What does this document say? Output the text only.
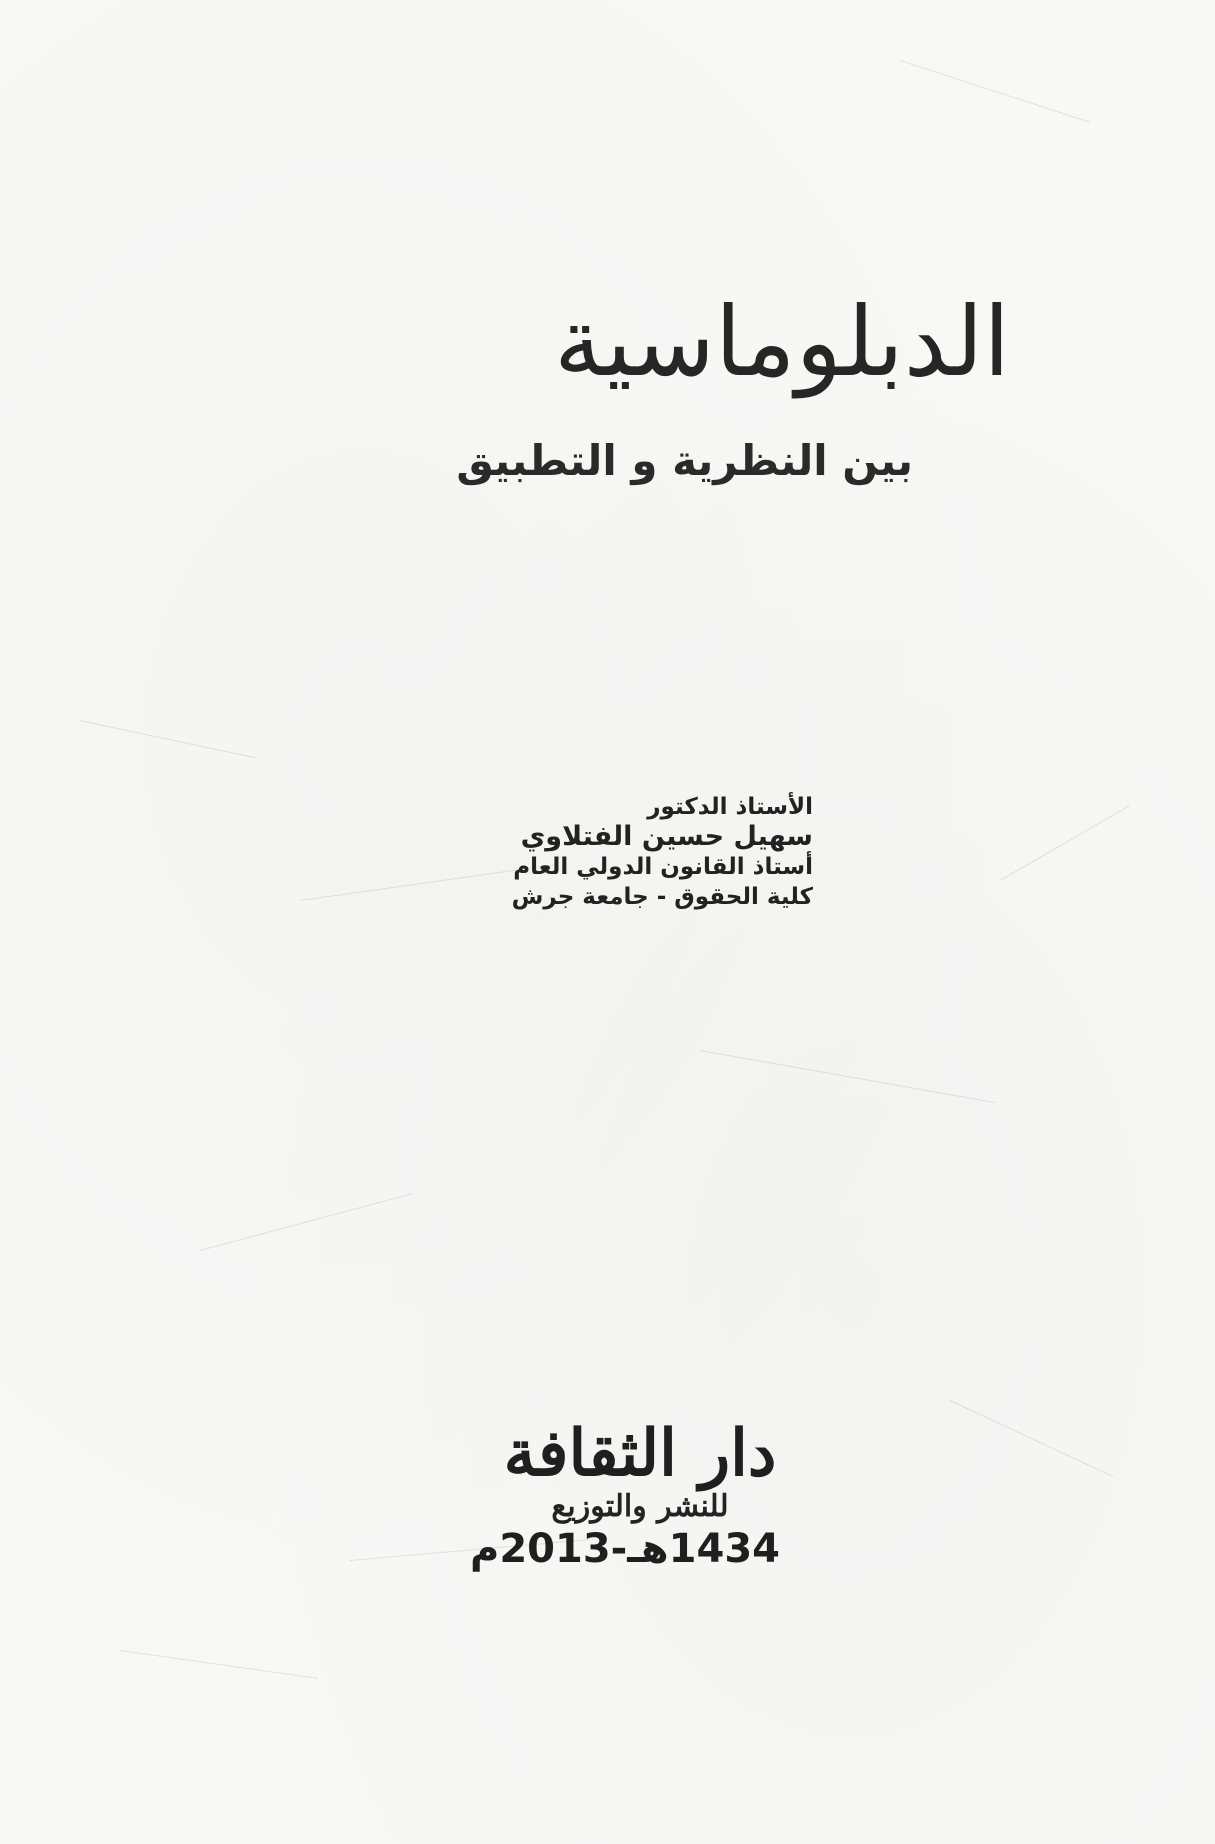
الدبلوماسية
بين النظرية و التطبيق
الأستاذ الدكتور
سهيل حسين الفتلاوي
أستاذ القانون الدولي العام
كلية الحقوق - جامعة جرش
دار الثقافة
للنشر والتوزيع
1434هـ-2013م
